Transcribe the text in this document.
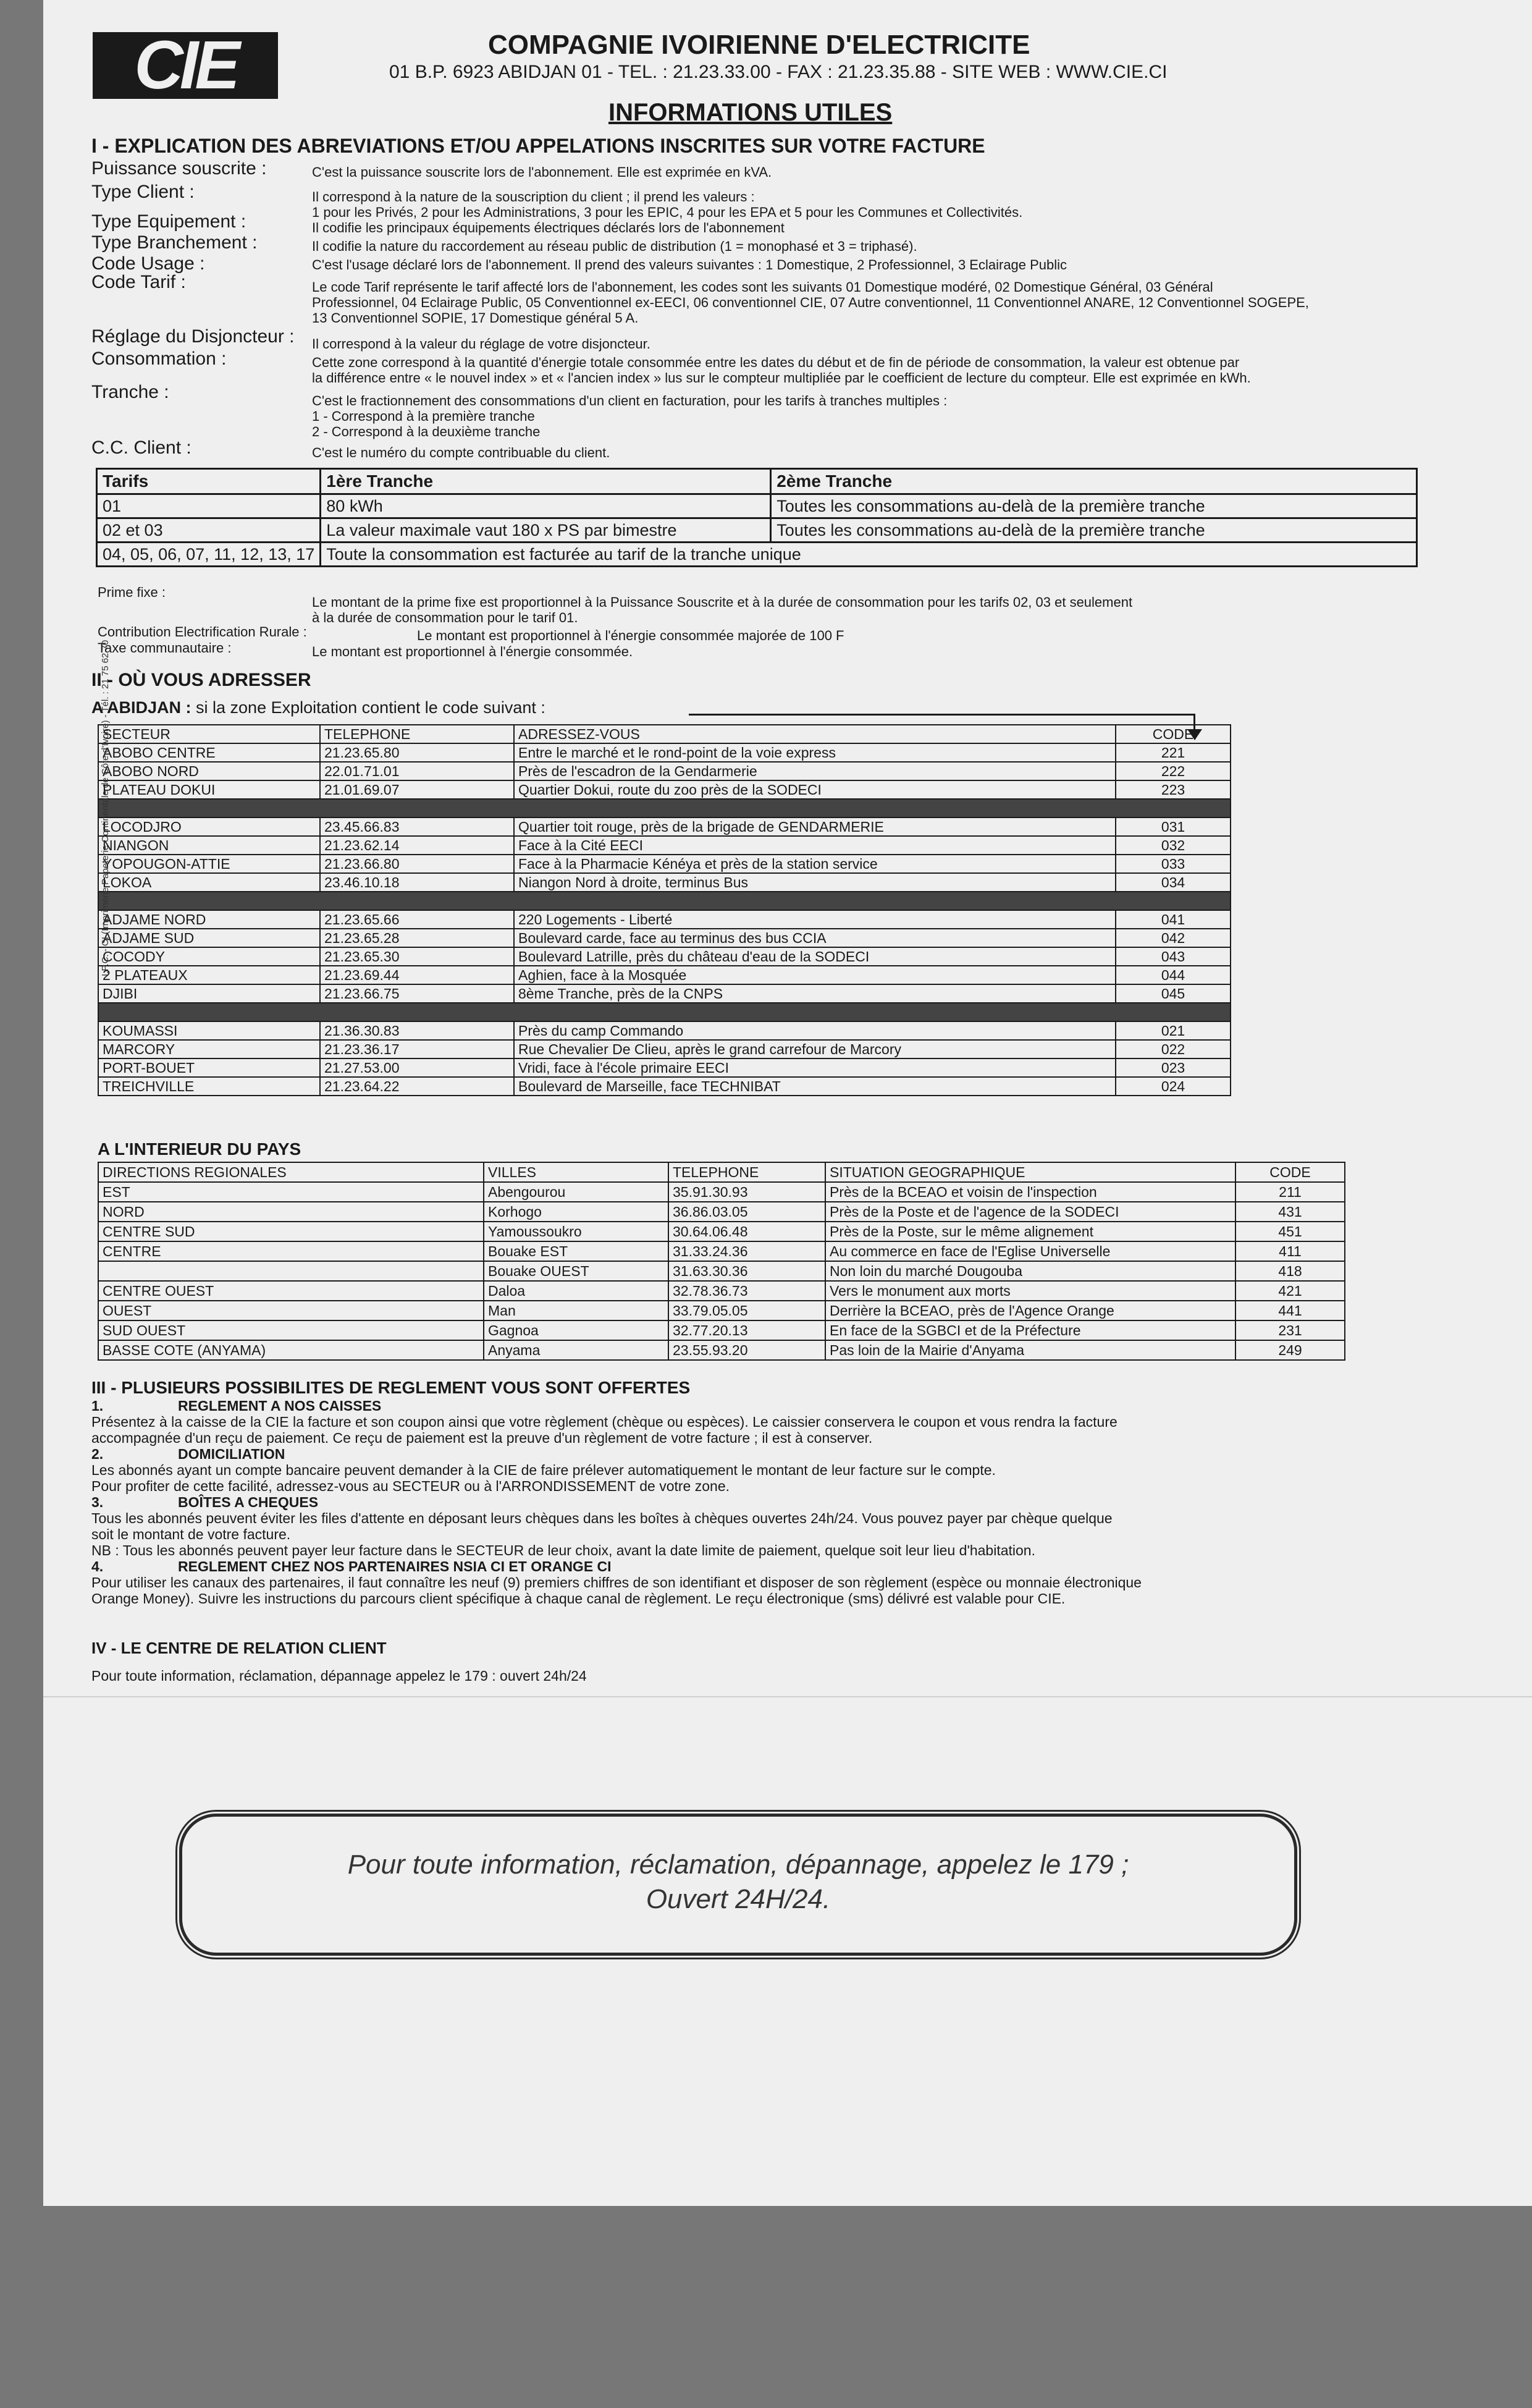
CIE	COMPAGNIE IVOIRIENNE D'ELECTRICITE
01 B.P. 6923 ABIDJAN 01 - TEL. : 21.23.33.00 - FAX : 21.23.35.88 - SITE WEB : WWW.CIE.CI
INFORMATIONS UTILES
I - EXPLICATION DES ABREVIATIONS ET/OU APPELATIONS INSCRITES SUR VOTRE FACTURE
Puissance souscrite :	C'est la puissance souscrite lors de l'abonnement. Elle est exprimée en kVA.
Type Client :	Il correspond à la nature de la souscription du client ; il prend les valeurs :
1 pour les Privés, 2 pour les Administrations, 3 pour les EPIC, 4 pour les EPA et 5 pour les Communes et Collectivités.
Type Equipement :	Il codifie les principaux équipements électriques déclarés lors de l'abonnement
Type Branchement :	Il codifie la nature du raccordement au réseau public de distribution (1 = monophasé et 3 = triphasé).
Code Usage :	C'est l'usage déclaré lors de l'abonnement. Il prend des valeurs suivantes : 1 Domestique, 2 Professionnel, 3 Eclairage Public
Code Tarif :	Le code Tarif représente le tarif affecté lors de l'abonnement, les codes sont les suivants 01 Domestique modéré, 02 Domestique Général, 03 Général
Professionnel, 04 Eclairage Public, 05 Conventionnel ex-EECI, 06 conventionnel CIE, 07 Autre conventionnel, 11 Conventionnel ANARE, 12 Conventionnel SOGEPE,
13 Conventionnel SOPIE, 17 Domestique général 5 A.
Réglage du Disjoncteur : Il correspond à la valeur du réglage de votre disjoncteur.
Consommation :	Cette zone correspond à la quantité d'énergie totale consommée entre les dates du début et de fin de période de consommation, la valeur est obtenue par
la différence entre « le nouvel index » et « l'ancien index » lus sur le compteur multipliée par le coefficient de lecture du compteur. Elle est exprimée en kWh.
Tranche :	C'est le fractionnement des consommations d'un client en facturation, pour les tarifs à tranches multiples :
1 - Correspond à la première tranche
2 - Correspond à la deuxième tranche
C.C. Client :	C'est le numéro du compte contribuable du client.
Tarifs	1ère Tranche	2ème Tranche
01	80 kWh	Toutes les consommations au-delà de la première tranche
02 et 03	La valeur maximale vaut 180 x PS par bimestre	Toutes les consommations au-delà de la première tranche
04, 05, 06, 07, 11, 12, 13, 17	Toute la consommation est facturée au tarif de la tranche unique	
Prime fixe :
Le montant de la prime fixe est proportionnel à la Puissance Souscrite et à la durée de consommation pour les tarifs 02, 03 et seulement
à la durée de consommation pour le tarif 01.
Contribution Electrification Rurale :	Le montant est proportionnel à l'énergie consommée majorée de 100 F
Taxe communautaire :	Le montant est proportionnel à l'énergie consommée.
II - OÙ VOUS ADRESSER
A ABIDJAN : si la zone Exploitation contient le code suivant :
SECTEUR	TELEPHONE	ADRESSEZ-VOUS	CODE
ABOBO CENTRE	21.23.65.80	Entre le marché et le rond-point de la voie express	221
ABOBO NORD	22.01.71.01	Près de l'escadron de la Gendarmerie	222
PLATEAU DOKUI	21.01.69.07	Quartier Dokui, route du zoo près de la SODECI	223

LOCODJRO	23.45.66.83	Quartier toit rouge, près de la brigade de GENDARMERIE	031
NIANGON	21.23.62.14	Face à la Cité EECI	032
YOPOUGON-ATTIE	21.23.66.80	Face à la Pharmacie Kénéya et près de la station service	033
LOKOA	23.46.10.18	Niangon Nord à droite, terminus Bus	034

ADJAME NORD	21.23.65.66	220 Logements - Liberté	041
ADJAME SUD	21.23.65.28	Boulevard carde, face au terminus des bus CCIA	042
COCODY	21.23.65.30	Boulevard Latrille, près du château d'eau de la SODECI	043
2 PLATEAUX	21.23.69.44	Aghien, face à la Mosquée	044
DJIBI	21.23.66.75	8ème Tranche, près de la CNPS	045

KOUMASSI	21.36.30.83	Près du camp Commando	021
MARCORY	21.23.36.17	Rue Chevalier De Clieu, après le grand carrefour de Marcory	022
PORT-BOUET	21.27.53.00	Vridi, face à l'école primaire EECI	023
TREICHVILLE	21.23.64.22	Boulevard de Marseille, face TECHNIBAT	024
I.P.C. - CI (Imprimerie Papeterie Continentale de Côte d'Ivoire) - Tél. : 21 75 62 70
A L'INTERIEUR DU PAYS
DIRECTIONS REGIONALES	VILLES	TELEPHONE	SITUATION GEOGRAPHIQUE	CODE
EST	Abengourou	35.91.30.93	Près de la BCEAO et voisin de l'inspection	211
NORD	Korhogo	36.86.03.05	Près de la Poste et de l'agence de la SODECI	431
CENTRE SUD	Yamoussoukro	30.64.06.48	Près de la Poste, sur le même alignement	451
CENTRE	Bouake EST	31.33.24.36	Au commerce en face de l'Eglise Universelle	411
	Bouake OUEST	31.63.30.36	Non loin du marché Dougouba	418
CENTRE OUEST	Daloa	32.78.36.73	Vers le monument aux morts	421
OUEST	Man	33.79.05.05	Derrière la BCEAO, près de l'Agence Orange	441
SUD OUEST	Gagnoa	32.77.20.13	En face de la SGBCI et de la Préfecture	231
BASSE COTE (ANYAMA)	Anyama	23.55.93.20	Pas loin de la Mairie d'Anyama	249
III - PLUSIEURS POSSIBILITES DE REGLEMENT VOUS SONT OFFERTES
1.	REGLEMENT A NOS CAISSES
Présentez à la caisse de la CIE la facture et son coupon ainsi que votre règlement (chèque ou espèces). Le caissier conservera le coupon et vous rendra la facture
accompagnée d'un reçu de paiement. Ce reçu de paiement est la preuve d'un règlement de votre facture ; il est à conserver.
2.	DOMICILIATION
Les abonnés ayant un compte bancaire peuvent demander à la CIE de faire prélever automatiquement le montant de leur facture sur le compte.
Pour profiter de cette facilité, adressez-vous au SECTEUR ou à l'ARRONDISSEMENT de votre zone.
3.	BOÎTES A CHEQUES
Tous les abonnés peuvent éviter les files d'attente en déposant leurs chèques dans les boîtes à chèques ouvertes 24h/24. Vous pouvez payer par chèque quelque
soit le montant de votre facture.
NB : Tous les abonnés peuvent payer leur facture dans le SECTEUR de leur choix, avant la date limite de paiement, quelque soit leur lieu d'habitation.
4.	REGLEMENT CHEZ NOS PARTENAIRES NSIA CI ET ORANGE CI
Pour utiliser les canaux des partenaires, il faut connaître les neuf (9) premiers chiffres de son identifiant et disposer de son règlement (espèce ou monnaie électronique
Orange Money). Suivre les instructions du parcours client spécifique à chaque canal de règlement. Le reçu électronique (sms) délivré est valable pour CIE.
IV - LE CENTRE DE RELATION CLIENT
Pour toute information, réclamation, dépannage appelez le 179 : ouvert 24h/24
Pour toute information, réclamation, dépannage, appelez le 179 ;
Ouvert 24H/24.
